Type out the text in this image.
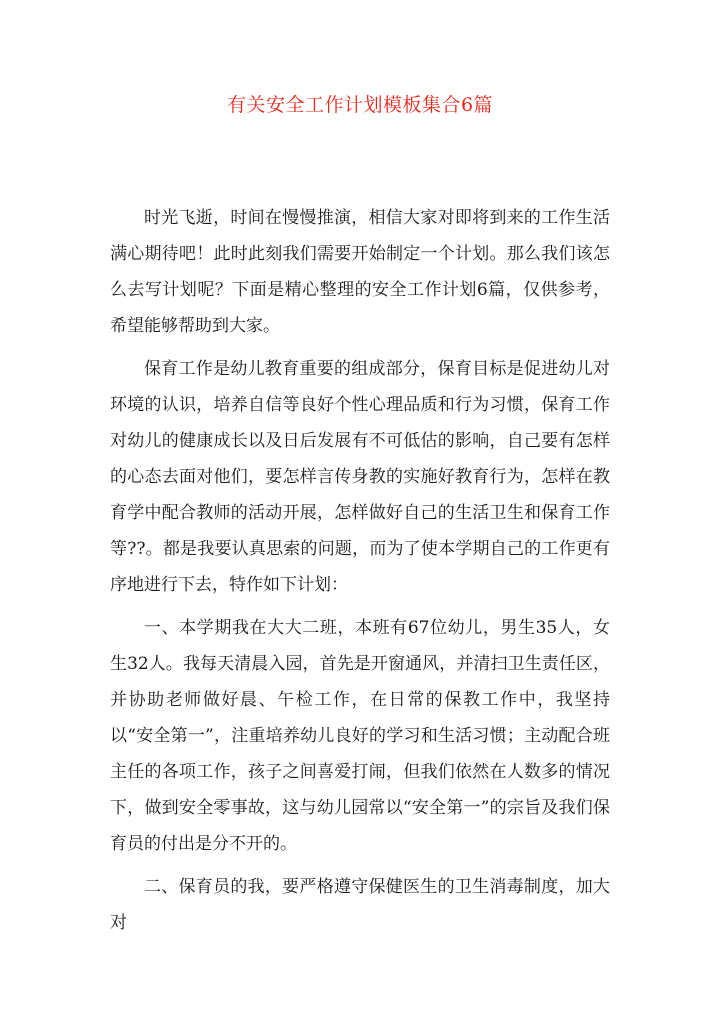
有关安全工作计划模板集合6篇

时光飞逝，时间在慢慢推演，相信大家对即将到来的工作生活满心期待吧！此时此刻我们需要开始制定一个计划。那么我们该怎么去写计划呢？下面是精心整理的安全工作计划6篇，仅供参考，希望能够帮助到大家。

保育工作是幼儿教育重要的组成部分，保育目标是促进幼儿对环境的认识，培养自信等良好个性心理品质和行为习惯，保育工作对幼儿的健康成长以及日后发展有不可低估的影响，自己要有怎样的心态去面对他们，要怎样言传身教的实施好教育行为，怎样在教育学中配合教师的活动开展，怎样做好自己的生活卫生和保育工作等??。都是我要认真思索的问题，而为了使本学期自己的工作更有序地进行下去，特作如下计划：

一、本学期我在大大二班，本班有67位幼儿，男生35人，女生32人。我每天清晨入园，首先是开窗通风，并清扫卫生责任区，并协助老师做好晨、午检工作，在日常的保教工作中，我坚持以“安全第一”，注重培养幼儿良好的学习和生活习惯；主动配合班主任的各项工作，孩子之间喜爱打闹，但我们依然在人数多的情况下，做到安全零事故，这与幼儿园常以“安全第一”的宗旨及我们保育员的付出是分不开的。

二、保育员的我，要严格遵守保健医生的卫生消毒制度，加大对
